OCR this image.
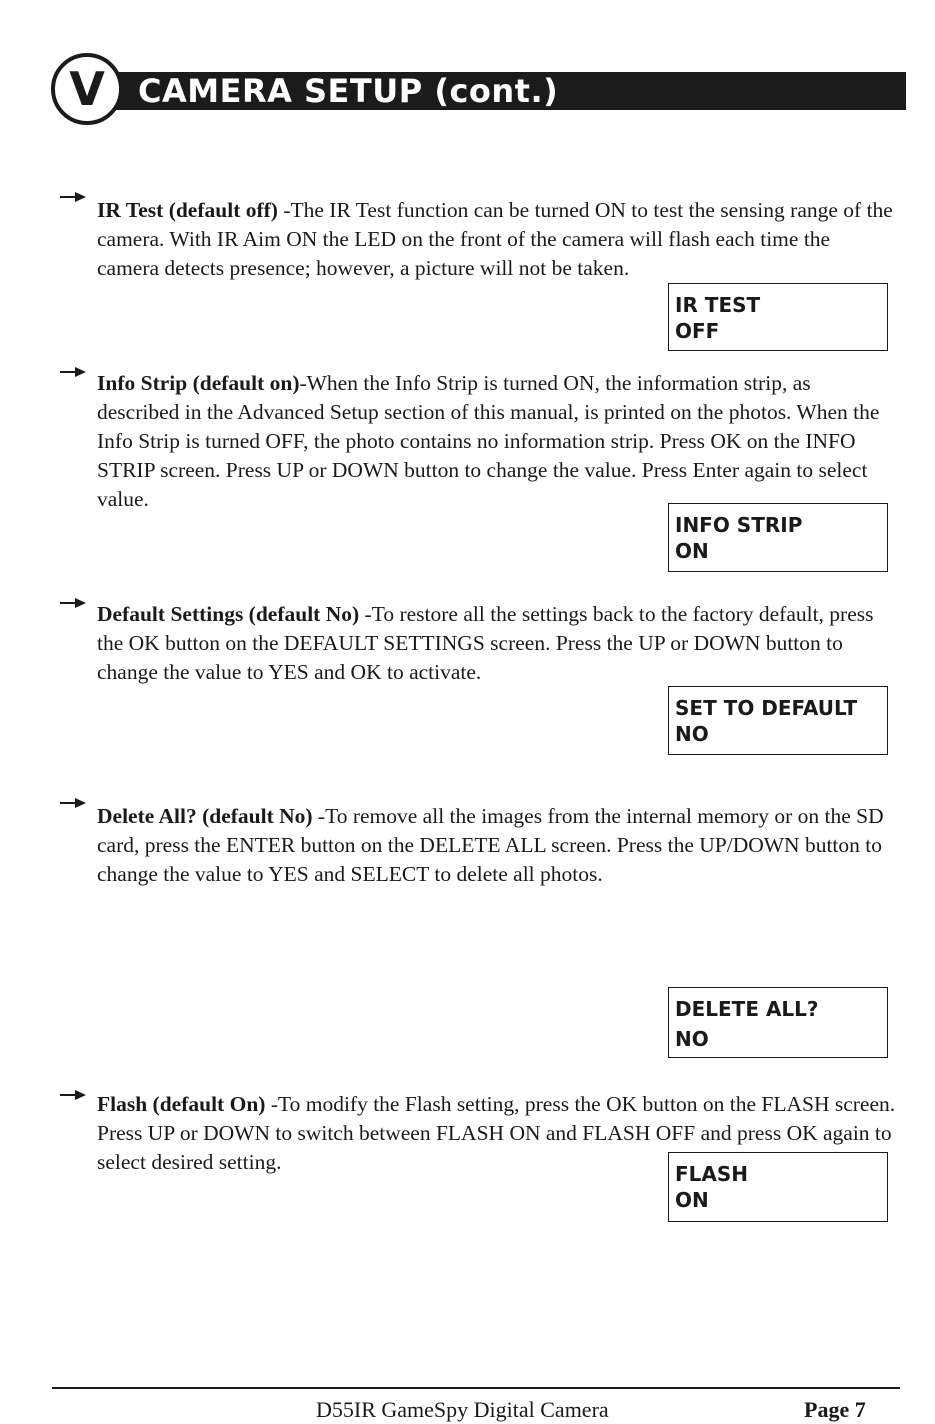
CAMERA SETUP (cont.)
V

IR Test (default off) -The IR Test function can be turned ON to test the sensing range of the camera. With IR Aim ON the LED on the front of the camera will flash each time the camera detects presence; however, a picture will not be taken.

IR TEST
OFF

Info Strip (default on)-When the Info Strip is turned ON, the information strip, as described in the Advanced Setup section of this manual, is printed on the photos. When the Info Strip is turned OFF, the photo contains no information strip. Press OK on the INFO STRIP screen. Press UP or DOWN button to change the value. Press Enter again to select value.

INFO STRIP
ON

Default Settings (default No) -To restore all the settings back to the factory default, press the OK button on the DEFAULT SETTINGS screen. Press the UP or DOWN button to change the value to YES and OK to activate.

SET TO DEFAULT
NO

Delete All? (default No) -To remove all the images from the internal memory or on the SD card, press the ENTER button on the DELETE ALL screen. Press the UP/DOWN button to change the value to YES and SELECT to delete all photos.

DELETE ALL?
NO

Flash (default On) -To modify the Flash setting, press the OK button on the FLASH screen. Press UP or DOWN to switch between FLASH ON and FLASH OFF and press OK again to select desired setting.	FLASH
ON
D55IR GameSpy Digital Camera	Page 7
